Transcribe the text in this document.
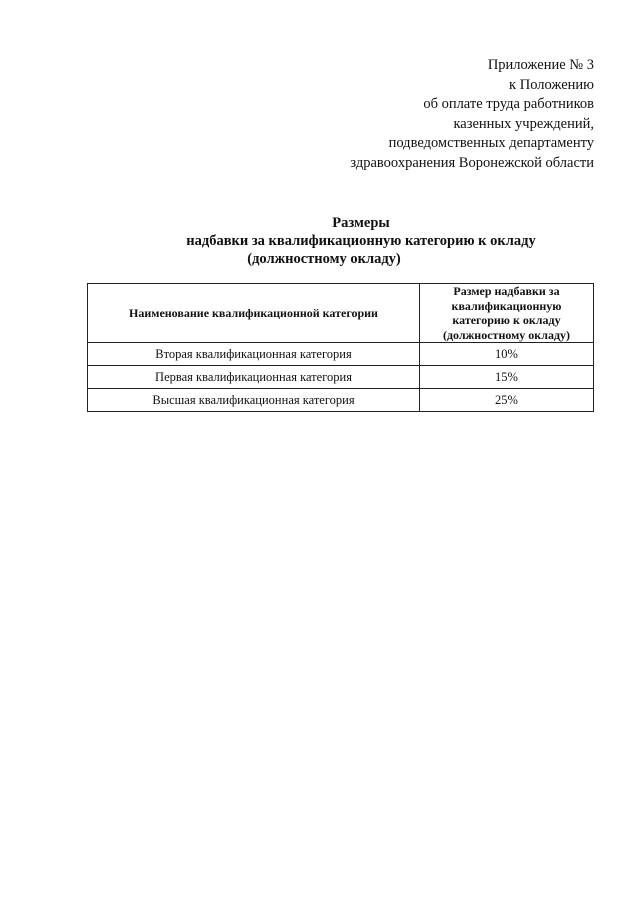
Приложение № 3
к Положению
об оплате труда работников
казенных учреждений,
подведомственных департаменту
здравоохранения Воронежской области
Размеры
надбавки за квалификационную категорию к окладу
(должностному окладу)
Наименование квалификационной категории	Размер надбавки за
квалификационную
категорию к окладу
(должностному окладу)

Вторая квалификационная категория	10%
Первая квалификационная категория	15%
Высшая квалификационная категория	25%
